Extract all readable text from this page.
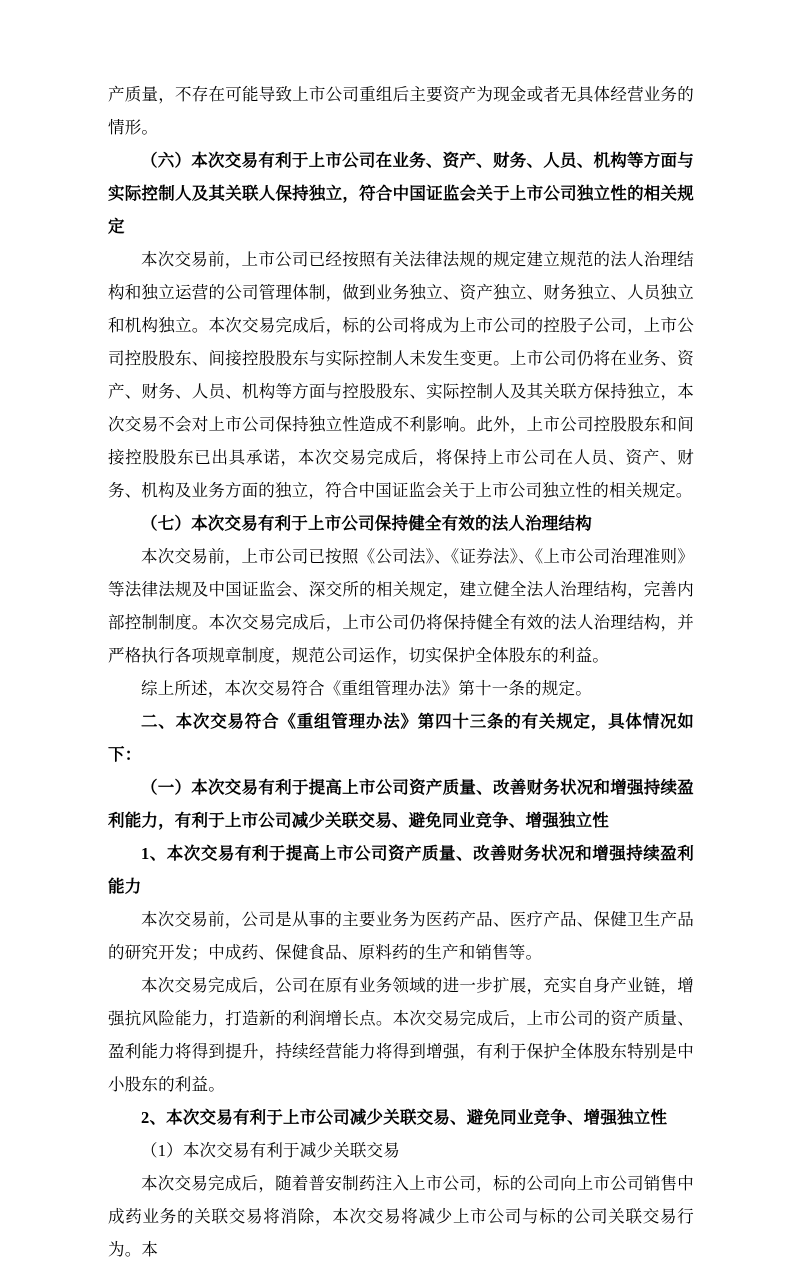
产质量，不存在可能导致上市公司重组后主要资产为现金或者无具体经营业务的情形。

（六）本次交易有利于上市公司在业务、资产、财务、人员、机构等方面与实际控制人及其关联人保持独立，符合中国证监会关于上市公司独立性的相关规定

本次交易前，上市公司已经按照有关法律法规的规定建立规范的法人治理结构和独立运营的公司管理体制，做到业务独立、资产独立、财务独立、人员独立和机构独立。本次交易完成后，标的公司将成为上市公司的控股子公司，上市公司控股股东、间接控股股东与实际控制人未发生变更。上市公司仍将在业务、资产、财务、人员、机构等方面与控股股东、实际控制人及其关联方保持独立，本次交易不会对上市公司保持独立性造成不利影响。此外，上市公司控股股东和间接控股股东已出具承诺，本次交易完成后，将保持上市公司在人员、资产、财务、机构及业务方面的独立，符合中国证监会关于上市公司独立性的相关规定。

（七）本次交易有利于上市公司保持健全有效的法人治理结构

本次交易前，上市公司已按照《公司法》、《证券法》、《上市公司治理准则》等法律法规及中国证监会、深交所的相关规定，建立健全法人治理结构，完善内部控制制度。本次交易完成后，上市公司仍将保持健全有效的法人治理结构，并严格执行各项规章制度，规范公司运作，切实保护全体股东的利益。

综上所述，本次交易符合《重组管理办法》第十一条的规定。

二、本次交易符合《重组管理办法》第四十三条的有关规定，具体情况如下：

（一）本次交易有利于提高上市公司资产质量、改善财务状况和增强持续盈利能力，有利于上市公司减少关联交易、避免同业竞争、增强独立性

1、本次交易有利于提高上市公司资产质量、改善财务状况和增强持续盈利能力

本次交易前，公司是从事的主要业务为医药产品、医疗产品、保健卫生产品的研究开发；中成药、保健食品、原料药的生产和销售等。

本次交易完成后，公司在原有业务领域的进一步扩展，充实自身产业链，增强抗风险能力，打造新的利润增长点。本次交易完成后，上市公司的资产质量、盈利能力将得到提升，持续经营能力将得到增强，有利于保护全体股东特别是中小股东的利益。

2、本次交易有利于上市公司减少关联交易、避免同业竞争、增强独立性

（1）本次交易有利于减少关联交易

本次交易完成后，随着普安制药注入上市公司，标的公司向上市公司销售中成药业务的关联交易将消除，本次交易将减少上市公司与标的公司关联交易行为。本
